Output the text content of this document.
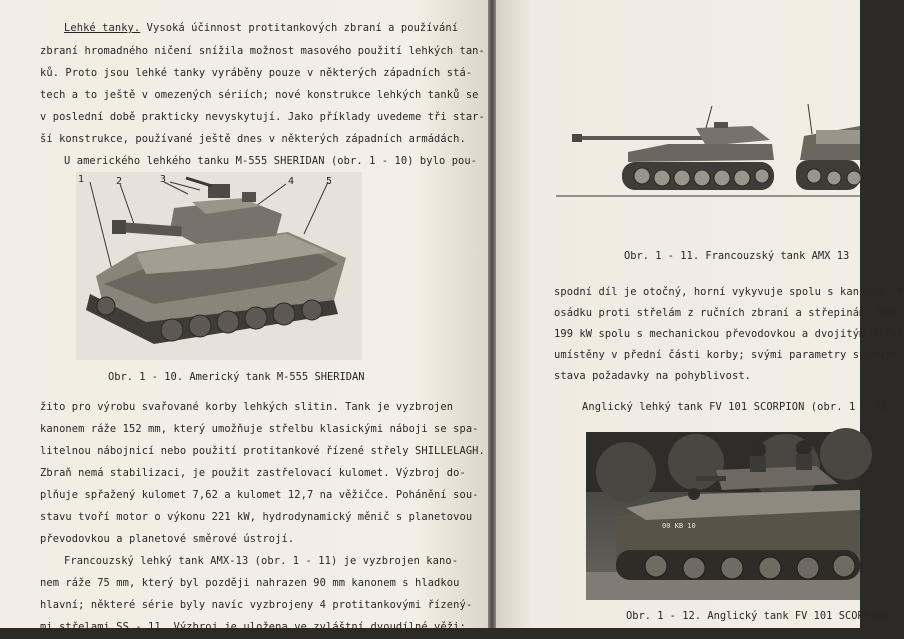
Lehké tanky. Vysoká účinnost protitankových zbraní a používání
zbraní hromadného ničení snížila možnost masového použití lehkých tan-
ků. Proto jsou lehké tanky vyráběny pouze v některých západních stá-
tech a to ještě v omezených sériích; nové konstrukce lehkých tanků se
v poslední době prakticky nevyskytují. Jako příklady uvedeme tři star-
ší konstrukce, používané ještě dnes v některých západních armádách.
U amerického lehkého tanku M-555 SHERIDAN (obr. 1 - 10) bylo pou-
1	2	3	4	5
Obr. 1 - 10. Americký tank M-555 SHERIDAN
žito pro výrobu svařované korby lehkých slitin. Tank je vyzbrojen
kanonem ráže 152 mm, který umožňuje střelbu klasickými náboji se spa-
litelnou nábojnicí nebo použití protitankové řízené střely SHILLELAGH.
Zbraň nemá stabilizaci, je použit zastřelovací kulomet. Výzbroj do-
plňuje spřažený kulomet 7,62 a kulomet 12,7 na věžičce. Pohánění sou-
stavu tvoří motor o výkonu 221 kW, hydrodynamický měnič s planetovou
převodovkou a planetové směrové ústrojí.
Francouzský lehký tank AMX-13 (obr. 1 - 11) je vyzbrojen kano-
nem ráže 75 mm, který byl později nahrazen 90 mm kanonem s hladkou
hlavní; některé série byly navíc vyzbrojeny 4 protitankovými řízený-
mi střelami SS - 11. Výzbroj je uložena ve zvláštní dvoudílné věži;
Obr. 1 - 11. Francouzský tank AMX 13
spodní díl je otočný, horní vykyvuje spolu s kanonem. P
osádku proti střelám z ručních zbraní a střepinám. Mot
199 kW spolu s mechanickou převodovkou a dvojitým difer
umístěny v přední části korby; svými parametry splňuje
stava požadavky na pohyblivost.
Anglický lehký tank FV 101 SCORPION (obr. 1 - 12)
00 KB 10
Obr. 1 - 12. Anglický tank FV 101 SCORPION
